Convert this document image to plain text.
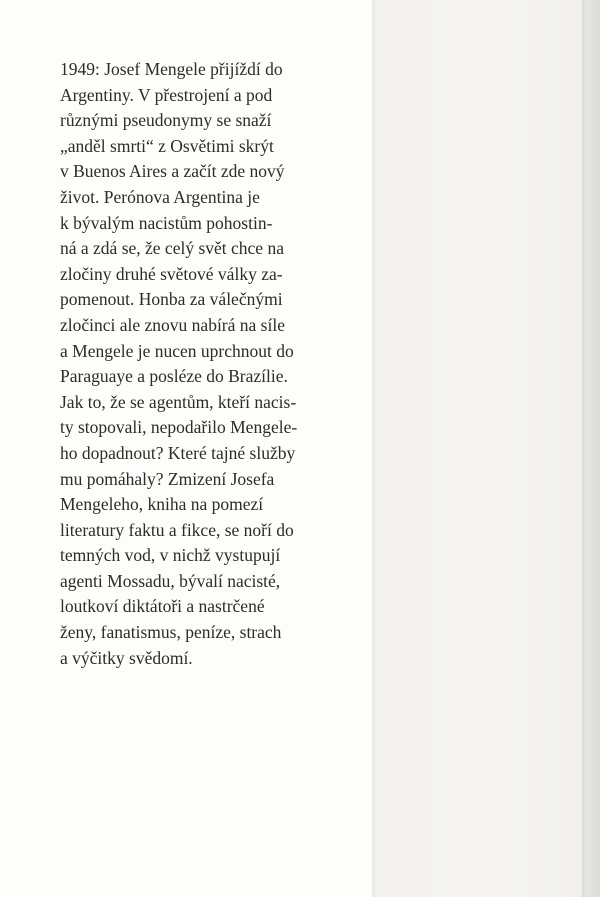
1949: Josef Mengele přijíždí do
Argentiny. V přestrojení a pod
různými pseudonymy se snaží
„anděl smrti“ z Osvětimi skrýt
v Buenos Aires a začít zde nový
život. Perónova Argentina je
k bývalým nacistům pohostin-
ná a zdá se, že celý svět chce na
zločiny druhé světové války za-
pomenout. Honba za válečnými
zločinci ale znovu nabírá na síle
a Mengele je nucen uprchnout do
Paraguaye a posléze do Brazílie.
Jak to, že se agentům, kteří nacis-
ty stopovali, nepodařilo Mengele-
ho dopadnout? Které tajné služby
mu pomáhaly? Zmizení Josefa
Mengeleho, kniha na pomezí
literatury faktu a fikce, se noří do
temných vod, v nichž vystupují
agenti Mossadu, bývalí nacisté,
loutkoví diktátoři a nastrčené
ženy, fanatismus, peníze, strach
a výčitky svědomí.
